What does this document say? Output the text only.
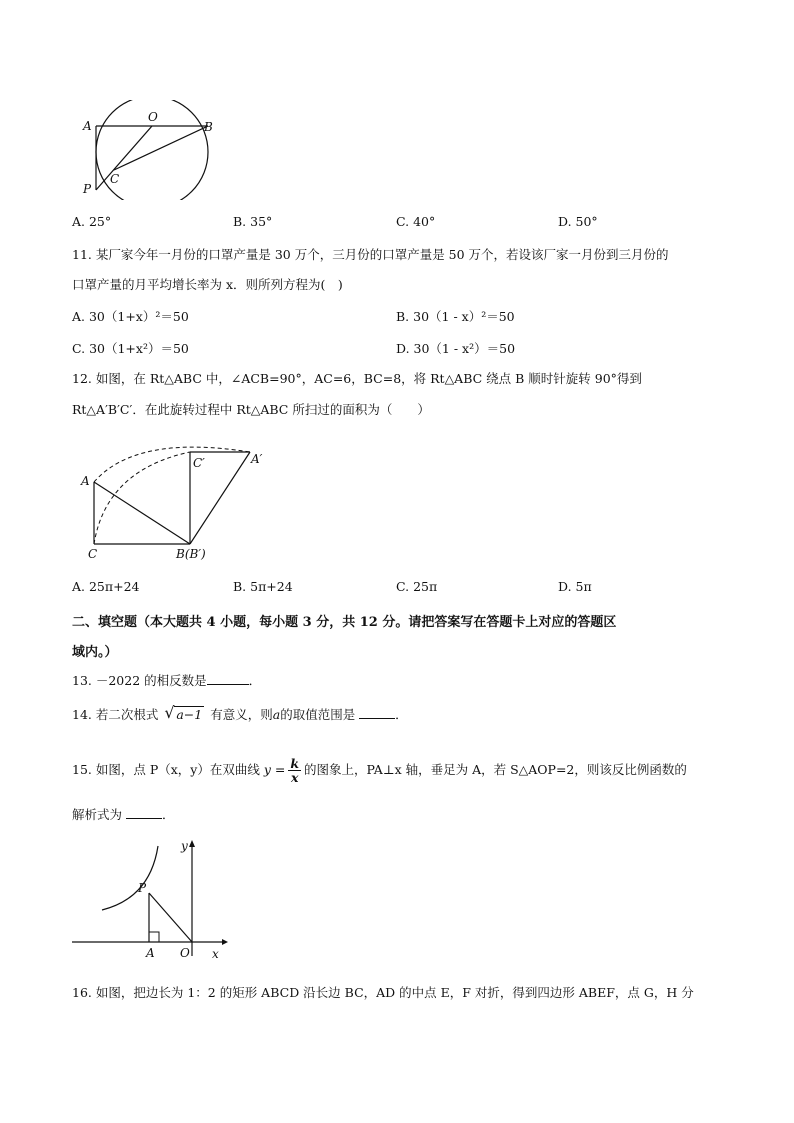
O
A	B
C
P
A. 25°	B. 35°	C. 40°	D. 50°
11. 某厂家今年一月份的口罩产量是 30 万个，三月份的口罩产量是 50 万个，若设该厂家一月份到三月份的
口罩产量的月平均增长率为 x．则所列方程为(　)
A. 30（1+x）²＝50	B. 30（1 - x）²＝50
C. 30（1+x²）＝50	D. 30（1 - x²）＝50
12. 如图，在 Rt△ABC 中，∠ACB=90°，AC=6，BC=8，将 Rt△ABC 绕点 B 顺时针旋转 90°得到
Rt△A′B′C′．在此旋转过程中 Rt△ABC 所扫过的面积为（　　）
A
C	B(B′)
C′	A′
A. 25π+24	B. 5π+24	C. 25π	D. 5π
二、填空题（本大题共 4 小题，每小题 3 分，共 12 分。请把答案写在答题卡上对应的答题区
域内。）
13. －2022 的相反数是	．
14. 若二次根式 √ a−1 有意义，则a的取值范围是	．
15. 如图，点 P（x，y）在双曲线 $y = \frac{k}{x}$ 的图象上，PA⊥x 轴，垂足为 A，若 S△AOP=2，则该反比例函数的
解析式为	．
P
A O x
y
16. 如图，把边长为 1：2 的矩形 ABCD 沿长边 BC，AD 的中点 E，F 对折，得到四边形 ABEF，点 G，H 分
